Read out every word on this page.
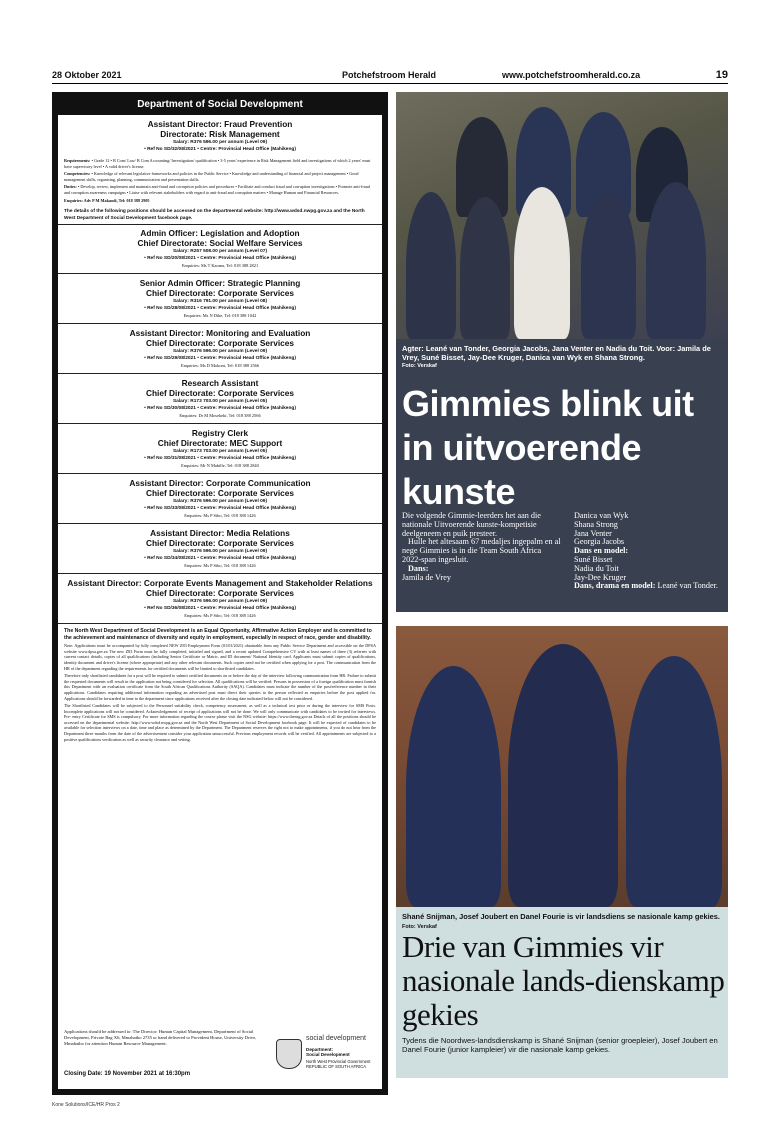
28 Oktober 2021	Potchefstroom Herald	www.potchefstroomherald.co.za	19
Department of Social Development
Assistant Director: Fraud Prevention
Directorate: Risk Management
Salary: R376 596.00 per annum (Level 09)
• Ref No SD/32/08/2021 • Centre: Provincial Head Office (Mahikeng)
Requirements: • Grade 12 • B Com/ Law/ B Com Accounting/ Investigation/ qualification • 3-5 years' experience in Risk Management field and investigations of which 2 years' must have supervisory level • A valid driver's license.
Competencies: • Knowledge of relevant legislative frameworks and policies in the Public Service • Knowledge and understanding of financial and project management • Good management skills, organising, planning, communication and presentation skills.
Duties: • Develop, review, implement and maintain anti-fraud and corruption policies and procedures • Facilitate and conduct fraud and corruption investigations • Promote anti-fraud and corruption awareness campaigns • Liaise with relevant stakeholders with regard to anti-fraud and corruption matters • Manage Human and Financial Resources.
Enquiries: Adv P M Makaodi, Tel: 018 388 2905
The details of the following positions should be accessed on the departmental website: http://www.wdsd.nwpg.gov.za and the North West Department of Social Development facebook page.
Admin Officer: Legislation and Adoption
Chief Directorate: Social Welfare Services
Salary: R257 508.00 per annum (Level 07)
• Ref No SD/20/08/2021 • Centre: Provincial Head Office (Mahikeng)
Enquiries: Ms T Kaoma, Tel: 018 388 2821
Senior Admin Officer: Strategic Planning
Chief Directorate: Corporate Services
Salary: R316 791.00 per annum (Level 08)
• Ref No SD/28/08/2021 • Centre: Provincial Head Office (Mahikeng)
Enquiries: Ms N Dibe, Tel: 018 388 1042
Assistant Director: Monitoring and Evaluation
Chief Directorate: Corporate Services
Salary: R376 596.00 per annum (Level 09)
• Ref No SD/29/08/2021 • Centre: Provincial Head Office (Mahikeng)
Enquiries: Ms D Mokoni, Tel: 018 388 2566
Research Assistant
Chief Directorate: Corporate Services
Salary: R173 703.00 per annum (Level 05)
• Ref No SD/30/08/2021 • Centre: Provincial Head Office (Mahikeng)
Enquiries: Dr M Mosekeki, Tel: 018 388 2566
Registry Clerk
Chief Directorate: MEC Support
Salary: R173 703.00 per annum (Level 05)
• Ref No SD/31/08/2021 • Centre: Provincial Head Office (Mahikeng)
Enquiries: Mr N Mabille, Tel: 018 388 2840
Assistant Director: Corporate Communication
Chief Directorate: Corporate Services
Salary: R376 596.00 per annum (Level 09)
• Ref No SD/33/08/2021 • Centre: Provincial Head Office (Mahikeng)
Enquiries: Ms P Sibo, Tel: 018 388 1426
Assistant Director: Media Relations
Chief Directorate: Corporate Services
Salary: R376 596.00 per annum (Level 09)
• Ref No SD/34/08/2021 • Centre: Provincial Head Office (Mahikeng)
Enquiries: Ms P Sibo, Tel: 018 388 1426
Assistant Director: Corporate Events Management and Stakeholder Relations
Chief Directorate: Corporate Services
Salary: R376 596.00 per annum (Level 09)
• Ref No SD/36/08/2021 • Centre: Provincial Head Office (Mahikeng)
Enquiries: Ms P Sibo, Tel: 018 388 1426
The North West Department of Social Development is an Equal Opportunity, Affirmative Action Employer and is committed to the achievement and maintenance of diversity and equity in employment, especially in respect of race, gender and disability.
Note: Applications must be accompanied by fully completed NEW Z83 Employment Form (01/01/2021) obtainable from any Public Service Department and accessible on the DPSA website www.dpsa.gov.za The new Z83 Form must be fully completed, initialed and signed, and a recent updated Comprehensive CV with at least names of three (3) referees with current contact details, copies of all qualifications (including Senior Certificate or Matric, and ID document/ National Identity card. Applicants must submit copies of qualifications, identity document and driver's license (where appropriate) and any other relevant documents. Such copies need not be certified when applying for a post. The communication from the HR of the department regarding the requirements for certified documents will be limited to shortlisted candidates.
Therefore only shortlisted candidates for a post will be required to submit certified documents on or before the day of the interview following communication from HR. Failure to submit the requested documents will result in the application not being considered for selection. All qualifications will be verified. Persons in possession of a foreign qualification must furnish this Department with an evaluation certificate from the South African Qualifications Authority (SAQA). Candidates must indicate the number of the post/reference number in their applications. Candidates requiring additional information regarding an advertised post must direct their queries to the person reflected as enquiries before the post applied for. Applications should be forwarded in time to the department since applications received after the closing date indicated below will not be considered.
The Shortlisted Candidates will be subjected to the Personnel suitability check, competency assessment, as well as a technical test prior or during the interview for SMS Posts. Incomplete applications will not be considered. Acknowledgement of receipt of applications will not be done. We will only communicate with candidates to be invited for interviews. Pre- entry Certificate for SMS is compulsory. For more information regarding the course please visit the NSG website: https://www.thensg.gov.za Details of all the positions should be accessed on the departmental website: http://www.wdsd.nwpg.gov.za and the North West Department of Social Development facebook page. It will be expected of candidates to be available for selection interviews on a date, time and place as determined by the Department. The Department reserves the right not to make appointments, if you do not hear from the Department three months from the date of the advertisement consider your application unsuccessful. Previous employment records will be verified. All appointments are subjected to a positive qualifications verification as well as security clearance and vetting.
Applications should be addressed to: The Director: Human Capital Management, Department of Social Development, Private Bag X6, Mmabatho 2735 or hand delivered to Provident House, University Drive, Mmabatho for attention Human Resource Management.
Closing Date: 19 November 2021 at 16:30pm
social development
Department:
Social Development
North West Provincial Government
REPUBLIC OF SOUTH AFRICA
Kone Solutions/ICE/HR Pros 2
Agter: Leané van Tonder, Georgia Jacobs, Jana Venter en Nadia du Toit. Voor: Jamila de Vrey, Suné Bisset, Jay-Dee Kruger, Danica van Wyk en Shana Strong.
Foto: Verskaf
Gimmies blink uit in uitvoerende kunste
Die volgende Gimmie-leerders het aan die nationale Uitvoerende kunste-kompetisie deelgeneem en puik presteer.
Hulle het altesaam 67 medaljes ingepalm en al nege Gimmies is in die Team South Africa 2022-span ingesluit.
Dans:
Jamila de Vrey
Danica van Wyk
Shana Strong
Jana Venter
Georgia Jacobs
Dans en model:
Suné Bisset
Nadia du Toit
Jay-Dee Kruger
Dans, drama en model: Leané van Tonder.
Shané Snijman, Josef Joubert en Danel Fourie is vir landsdiens se nasionale kamp gekies. Foto: Verskaf
Drie van Gimmies vir nasionale lands-dienskamp gekies
Tydens die Noordwes-landsdienskamp is Shané Snijman (senior groepleier), Josef Joubert en Danel Fourie (junior kampleier) vir die nasionale kamp gekies.
